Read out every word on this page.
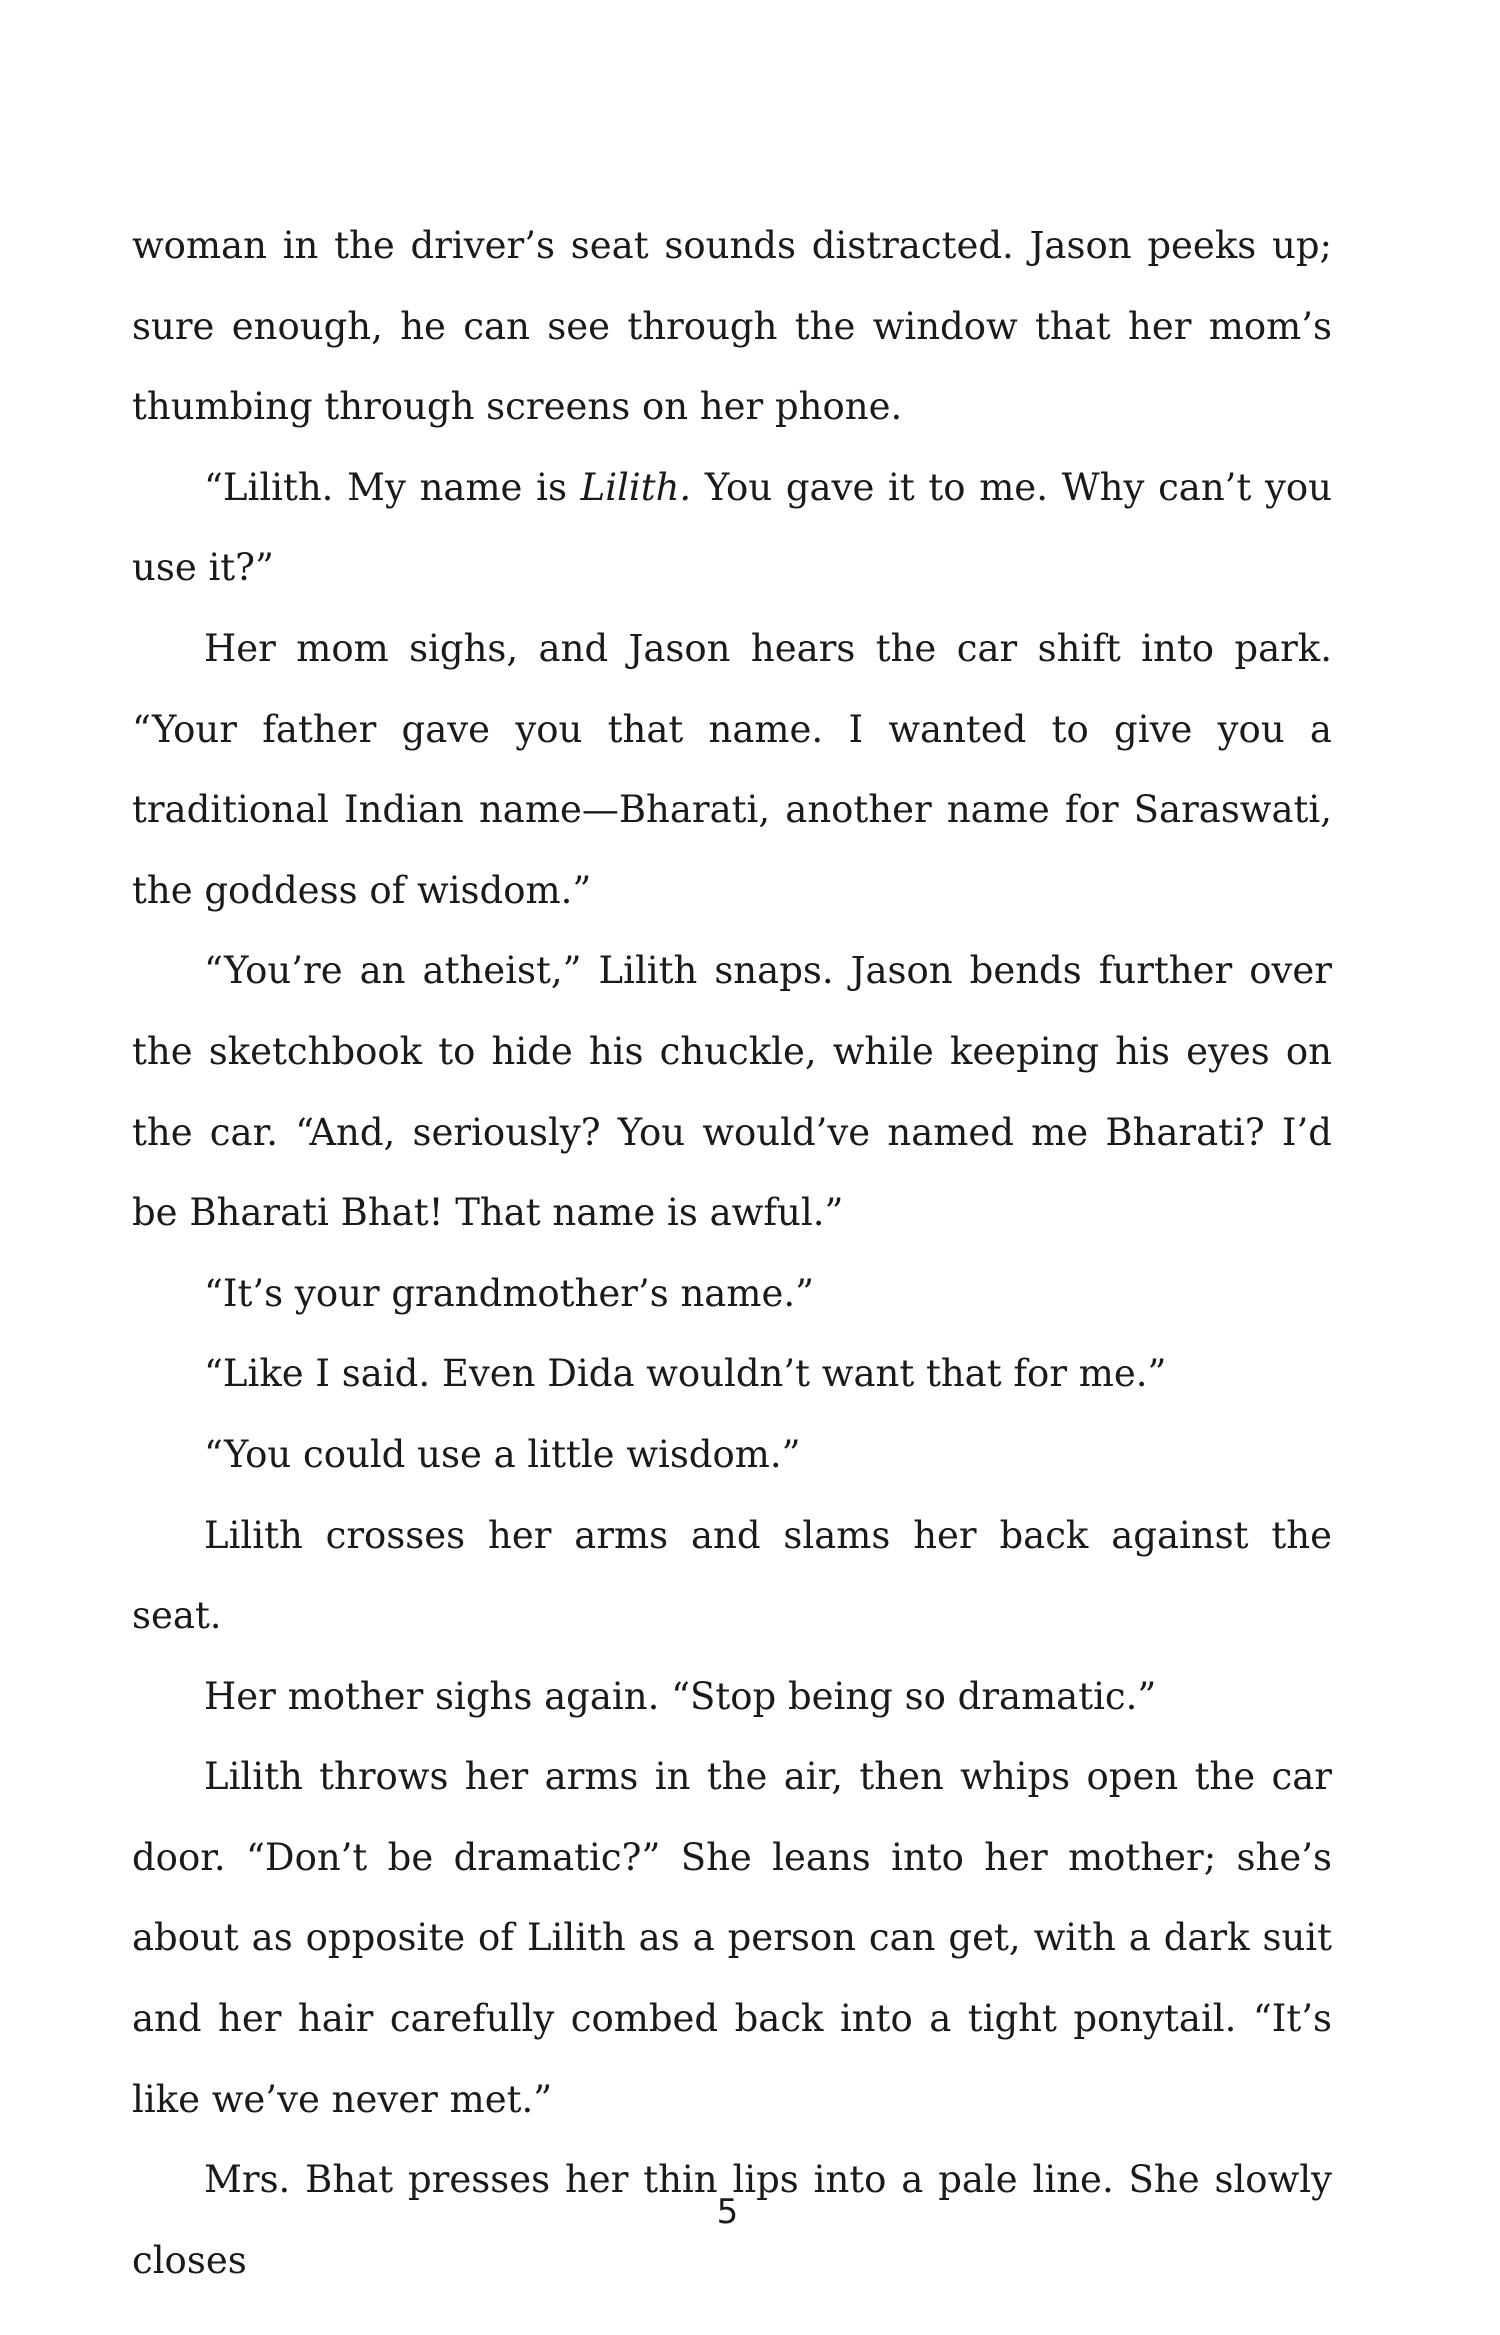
woman in the driver’s seat sounds distracted. Jason peeks up; sure enough, he can see through the window that her mom’s thumbing through screens on her phone.

“Lilith. My name is Lilith. You gave it to me. Why can’t you use it?”

Her mom sighs, and Jason hears the car shift into park. “Your father gave you that name. I wanted to give you a traditional Indian name—Bharati, another name for Saraswati, the goddess of wisdom.”

“You’re an atheist,” Lilith snaps. Jason bends further over the sketchbook to hide his chuckle, while keeping his eyes on the car. “And, seriously? You would’ve named me Bharati? I’d be Bharati Bhat! That name is awful.”

“It’s your grandmother’s name.”

“Like I said. Even Dida wouldn’t want that for me.”

“You could use a little wisdom.”

Lilith crosses her arms and slams her back against the seat.

Her mother sighs again. “Stop being so dramatic.”

Lilith throws her arms in the air, then whips open the car door. “Don’t be dramatic?” She leans into her mother; she’s about as opposite of Lilith as a person can get, with a dark suit and her hair carefully combed back into a tight ponytail. “It’s like we’ve never met.”

Mrs. Bhat presses her thin lips into a pale line. She slowly closes

5
